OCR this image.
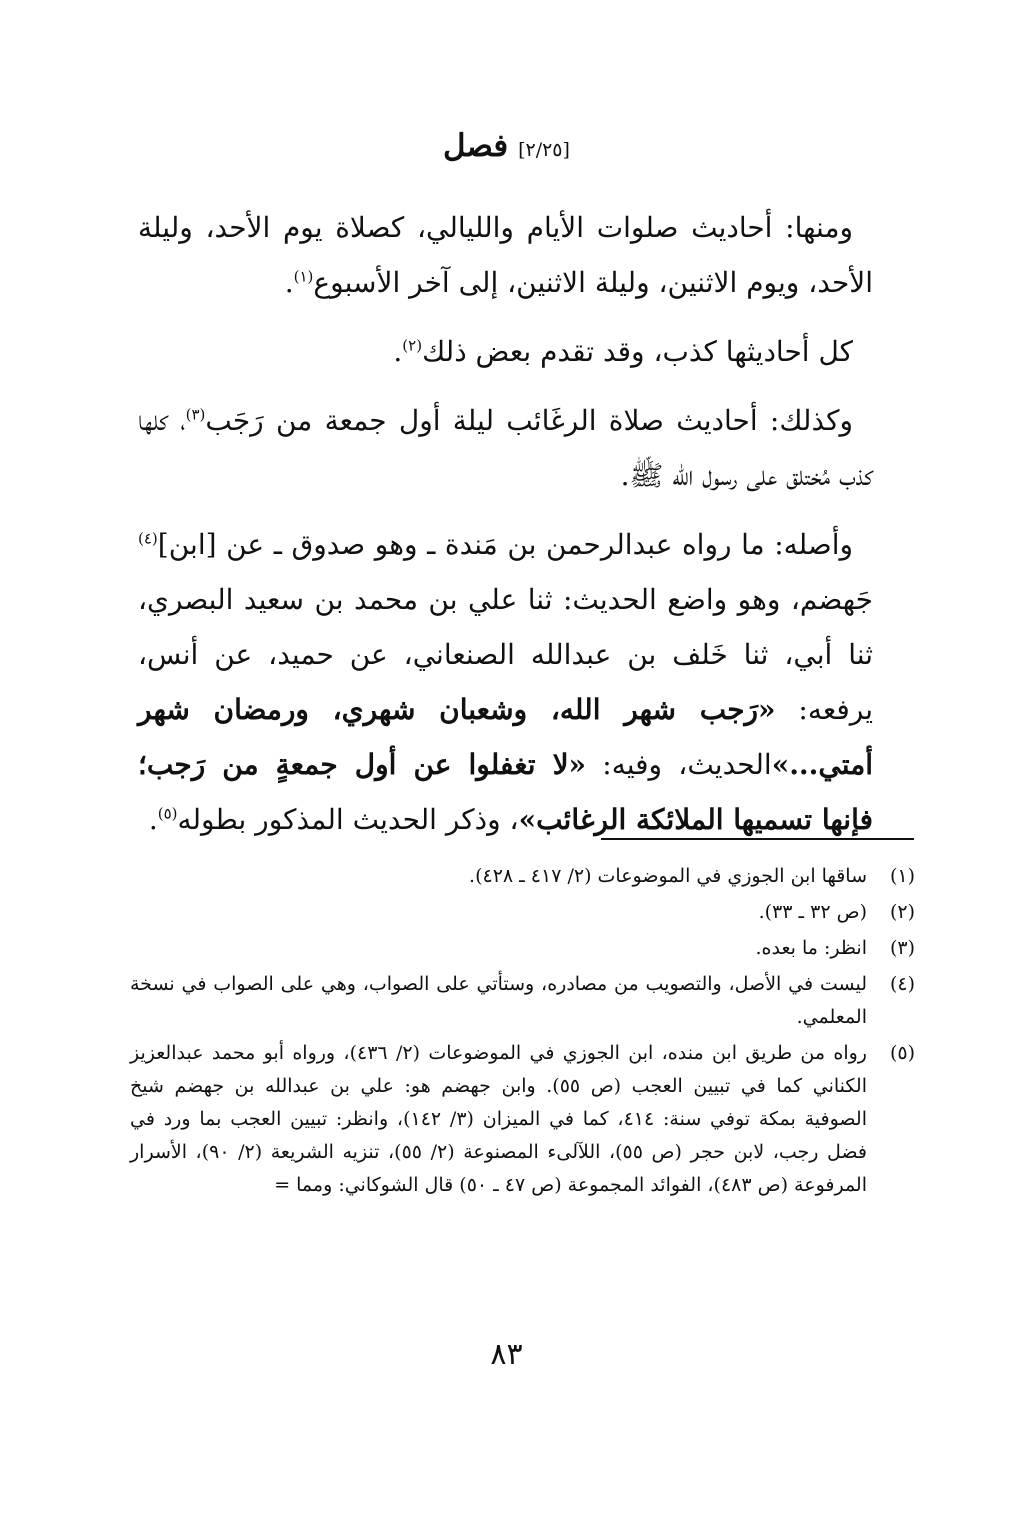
[٢/٢٥] فصل

ومنها: أحاديث صلوات الأيام والليالي، كصلاة يوم الأحد، وليلة الأحد، ويوم الاثنين، وليلة الاثنين، إلى آخر الأسبوع$^{(١)}$.

كل أحاديثها كذب، وقد تقدم بعض ذلك$^{(٢)}$.

وكذلك: أحاديث صلاة الرغَائب ليلة أول جمعة من رَجَب$^{(٣)}$، كلها كذب مُختلق على رسول الله ﷺ.

وأصله: ما رواه عبدالرحمن بن مَندة ـ وهو صدوق ـ عن [ابن]$^{(٤)}$ جَهضم، وهو واضع الحديث: ثنا علي بن محمد بن سعيد البصري، ثنا أبي، ثنا خَلف بن عبدالله الصنعاني، عن حميد، عن أنس، يرفعه: «رَجب شهر الله، وشعبان شهري، ورمضان شهر أمتي...»الحديث، وفيه: «لا تغفلوا عن أول جمعةٍ من رَجب؛ فإنها تسميها الملائكة الرغائب»، وذكر الحديث المذكور بطوله$^{(٥)}$.

(١)
ساقها ابن الجوزي في الموضوعات (٢/ ٤١٧ ـ ٤٢٨).
(٢)
(ص ٣٢ ـ ٣٣).
(٣)
انظر: ما بعده.
(٤)
ليست في الأصل، والتصويب من مصادره، وستأتي على الصواب، وهي على الصواب في نسخة المعلمي.
(٥)
رواه من طريق ابن منده، ابن الجوزي في الموضوعات (٢/ ٤٣٦)، ورواه أبو محمد عبدالعزيز الكناني كما في تبيين العجب (ص ٥٥). وابن جهضم هو: علي بن عبدالله بن جهضم شيخ الصوفية بمكة توفي سنة: ٤١٤، كما في الميزان (٣/ ١٤٢)، وانظر: تبيين العجب بما ورد في فضل رجب، لابن حجر (ص ٥٥)، اللآلىء المصنوعة (٢/ ٥٥)، تنزيه الشريعة (٢/ ٩٠)، الأسرار المرفوعة (ص ٤٨٣)، الفوائد المجموعة (ص ٤٧ ـ ٥٠) قال الشوكاني: ومما =
٨٣
